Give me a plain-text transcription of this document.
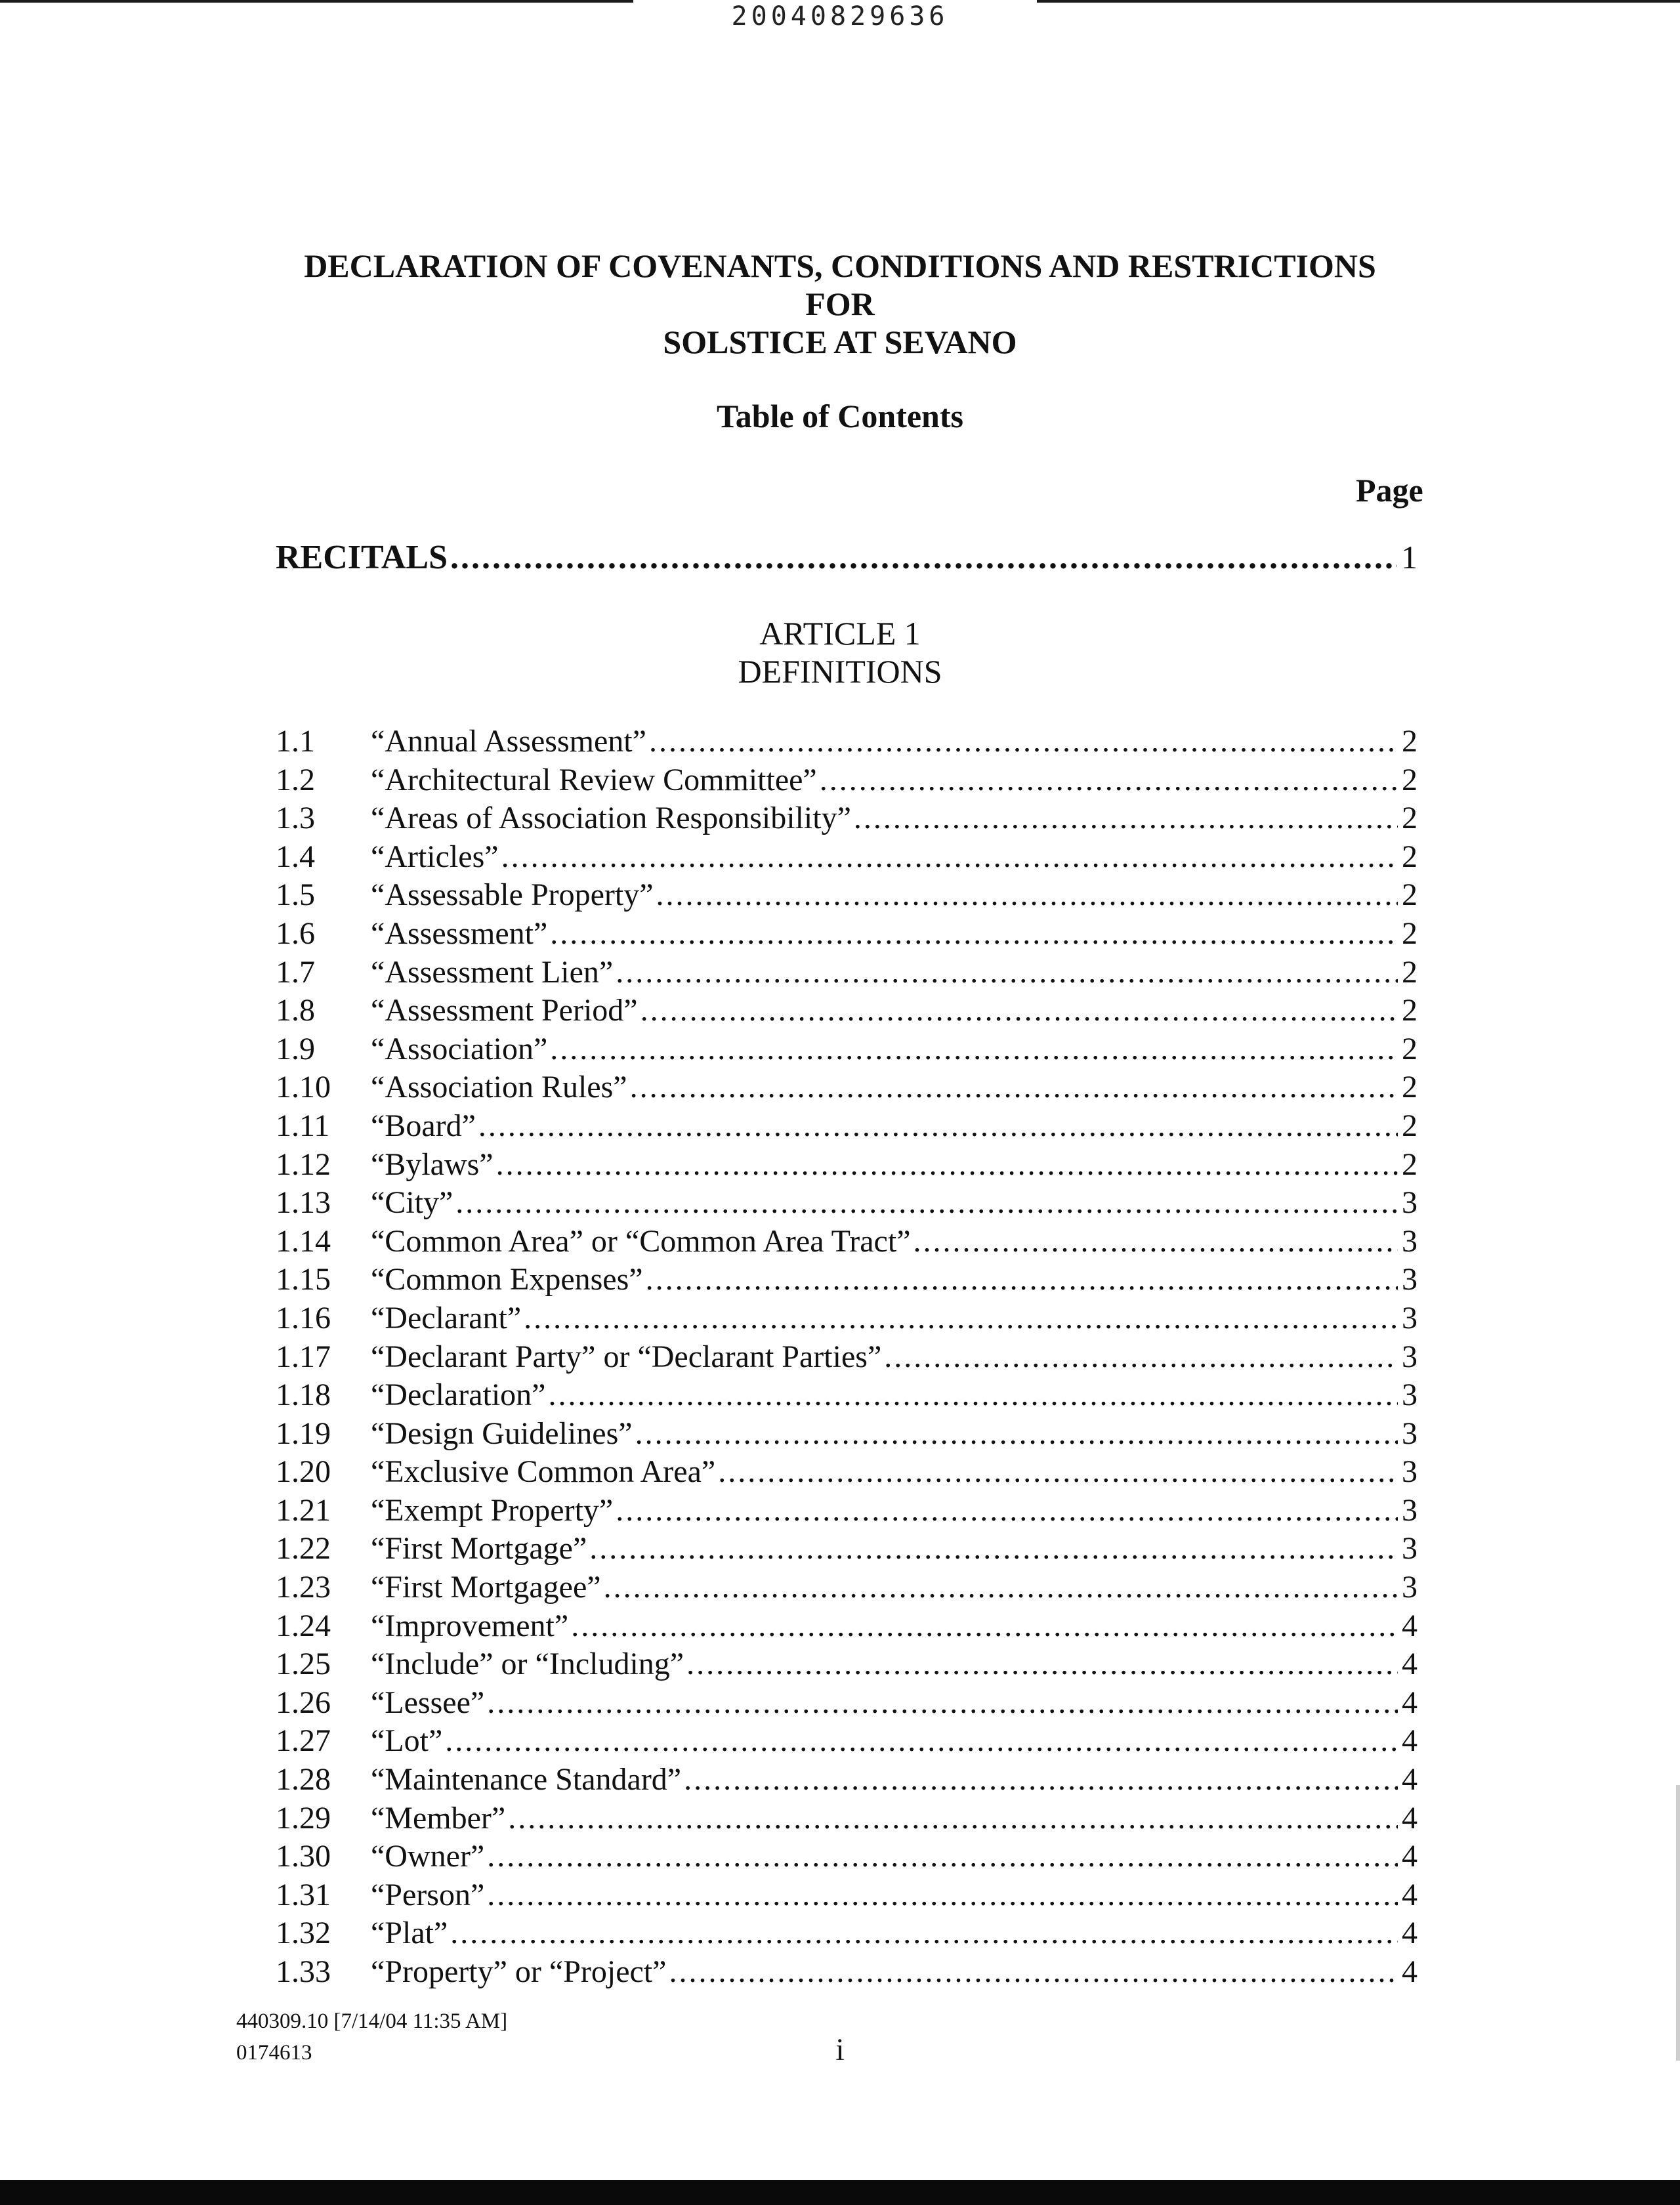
20040829636
DECLARATION OF COVENANTS, CONDITIONS AND RESTRICTIONS
FOR
SOLSTICE AT SEVANO
Table of Contents
Page
RECITALS .....	1
ARTICLE 1
DEFINITIONS
1.1	“Annual Assessment” .....	2
1.2	“Architectural Review Committee” .....	2
1.3	“Areas of Association Responsibility” .....	2
1.4	“Articles” .....	2
1.5	“Assessable Property” .....	2
1.6	“Assessment” .....	2
1.7	“Assessment Lien” .....	2
1.8	“Assessment Period” .....	2
1.9	“Association” .....	2
1.10	“Association Rules” .....	2
1.11	“Board” .....	2
1.12	“Bylaws” .....	2
1.13	“City” .....	3
1.14	“Common Area” or “Common Area Tract” .....	3
1.15	“Common Expenses” .....	3
1.16	“Declarant” .....	3
1.17	“Declarant Party” or “Declarant Parties” .....	3
1.18	“Declaration” .....	3
1.19	“Design Guidelines” .....	3
1.20	“Exclusive Common Area” .....	3
1.21	“Exempt Property” .....	3
1.22	“First Mortgage” .....	3
1.23	“First Mortgagee” .....	3
1.24	“Improvement” .....	4
1.25	“Include” or “Including” .....	4
1.26	“Lessee” .....	4
1.27	“Lot” .....	4
1.28	“Maintenance Standard” .....	4
1.29	“Member” .....	4
1.30	“Owner” .....	4
1.31	“Person” .....	4
1.32	“Plat” .....	4
1.33	“Property” or “Project” .....	4
440309.10 [7/14/04 11:35 AM]
0174613	i
